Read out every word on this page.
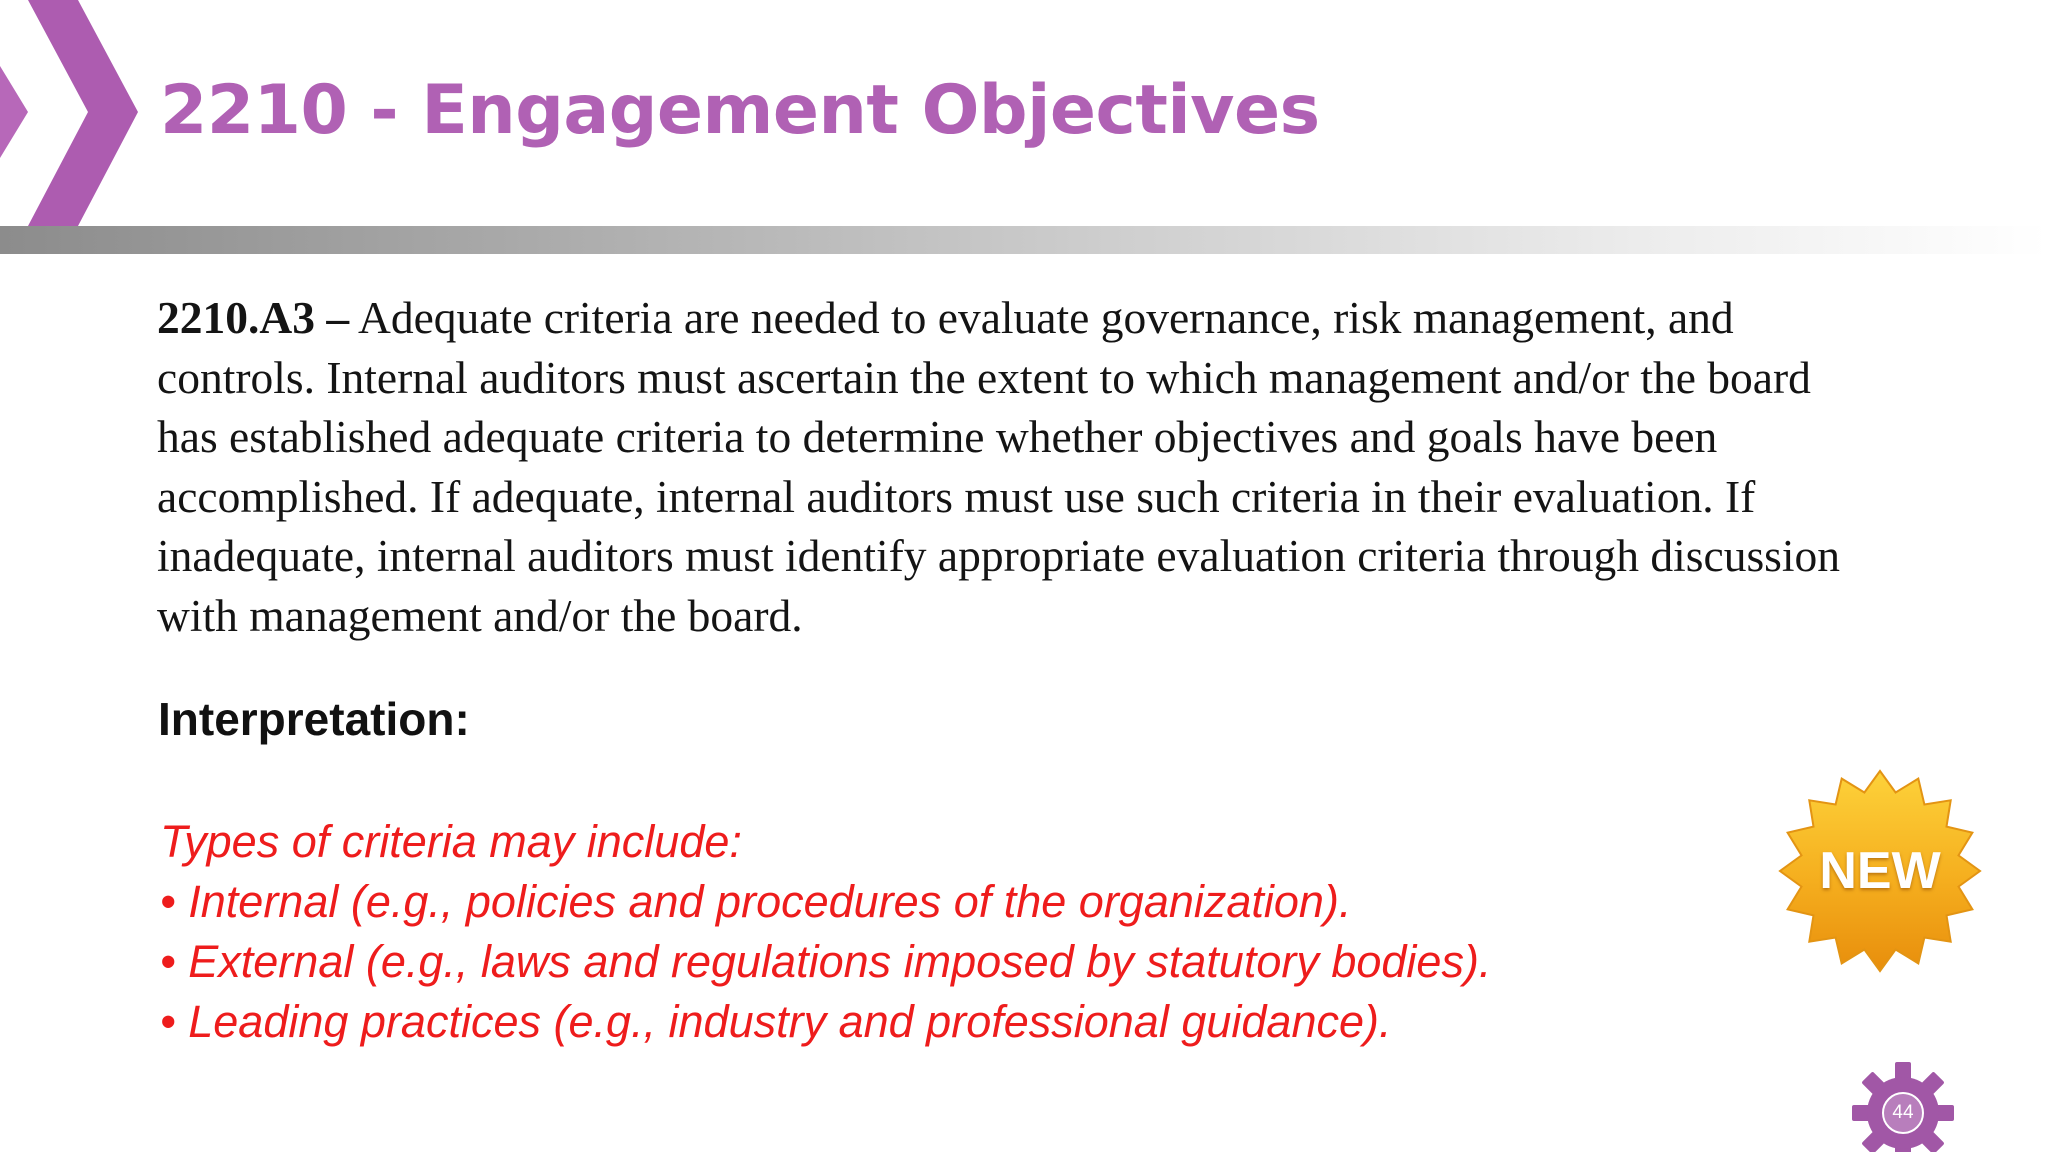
2210 - Engagement Objectives

2210.A3 – Adequate criteria are needed to evaluate governance, risk management, and controls. Internal auditors must ascertain the extent to which management and/or the board has established adequate criteria to determine whether objectives and goals have been accomplished. If adequate, internal auditors must use such criteria in their evaluation. If inadequate, internal auditors must identify appropriate evaluation criteria through discussion with management and/or the board.

Interpretation:
Types of criteria may include:
• Internal (e.g., policies and procedures of the organization).
• External (e.g., laws and regulations imposed by statutory bodies).
• Leading practices (e.g., industry and professional guidance).
NEW
44
